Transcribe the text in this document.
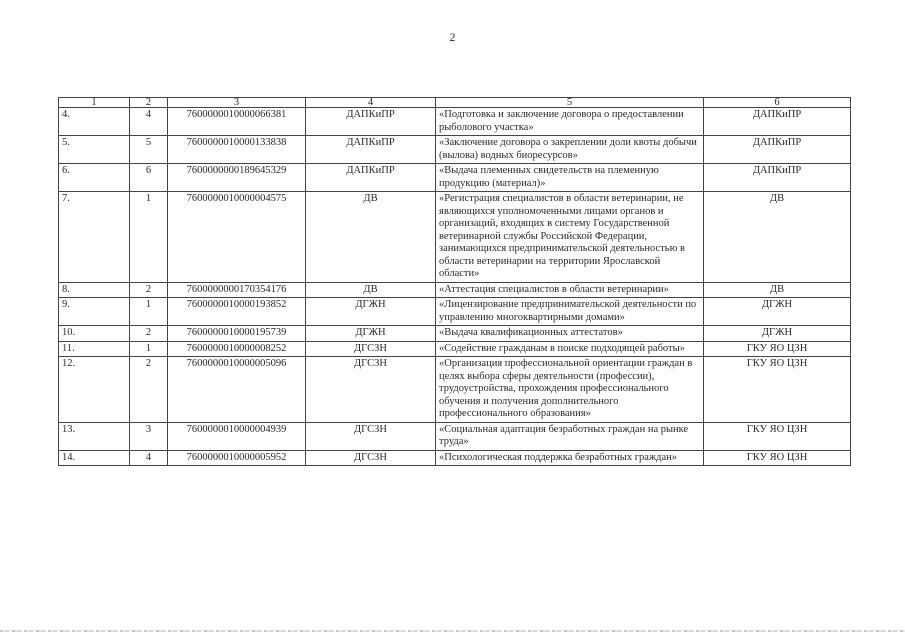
2
1	2	3	4	5	6
4.	4	7600000010000066381	ДАПКиПР	«Подготовка и заключение договора о предоставлении рыболового участка»	ДАПКиПР
5.	5	7600000010000133838	ДАПКиПР	«Заключение договора о закреплении доли квоты добычи (вылова) водных биоресурсов»	ДАПКиПР
6.	6	7600000000189645329	ДАПКиПР	«Выдача племенных свидетельств на племенную продукцию (материал)»	ДАПКиПР
7.	1	7600000010000004575	ДВ	«Регистрация специалистов в области ветеринарии, не являющихся уполномоченными лицами органов и организаций, входящих в систему Государственной ветеринарной службы Российской Федерации, занимающихся предпринимательской деятельностью в области ветеринарии на территории Ярославской области»	ДВ
8.	2	7600000000170354176	ДВ	«Аттестация специалистов в области ветеринарии»	ДВ
9.	1	7600000010000193852	ДГЖН	«Лицензирование предпринимательской деятельности по управлению многоквартирными домами»	ДГЖН
10.	2	7600000010000195739	ДГЖН	«Выдача квалификационных аттестатов»	ДГЖН
11.	1	7600000010000008252	ДГСЗН	«Содействие гражданам в поиске подходящей работы»	ГКУ ЯО ЦЗН
12.	2	7600000010000005096	ДГСЗН	«Организация профессиональной ориентации граждан в целях выбора сферы деятельности (профессии), трудоустройства, прохождения профессионального обучения и получения дополнительного профессионального образования»	ГКУ ЯО ЦЗН
13.	3	7600000010000004939	ДГСЗН	«Социальная адаптация безработных граждан на рынке труда»	ГКУ ЯО ЦЗН
14.	4	7600000010000005952	ДГСЗН	«Психологическая поддержка безработных граждан»	ГКУ ЯО ЦЗН
